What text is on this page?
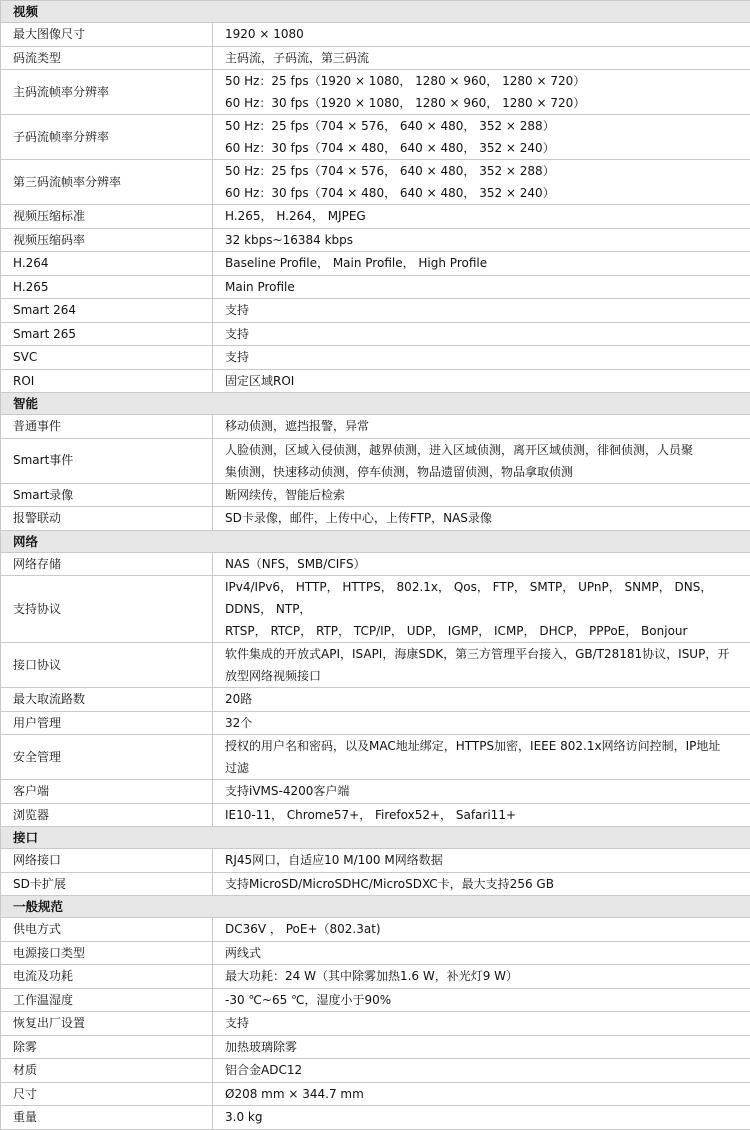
视频	
最大图像尺寸	1920 × 1080

码流类型	主码流，子码流，第三码流

主码流帧率分辨率	50 Hz：25 fps（1920 × 1080， 1280 × 960， 1280 × 720）
60 Hz：30 fps（1920 × 1080， 1280 × 960， 1280 × 720）

子码流帧率分辨率	50 Hz：25 fps（704 × 576， 640 × 480， 352 × 288）
60 Hz：30 fps（704 × 480， 640 × 480， 352 × 240）

第三码流帧率分辨率	50 Hz：25 fps（704 × 576， 640 × 480， 352 × 288）
60 Hz：30 fps（704 × 480， 640 × 480， 352 × 240）

视频压缩标准	H.265， H.264， MJPEG

视频压缩码率	32 kbps~16384 kbps

H.264	Baseline Profile， Main Profile， High Profile

H.265	Main Profile

Smart 264	支持

Smart 265	支持

SVC	支持

ROI	固定区域ROI

智能	
普通事件	移动侦测，遮挡报警，异常

Smart事件	人脸侦测，区域入侵侦测，越界侦测，进入区域侦测，离开区域侦测，徘徊侦测，人员聚
集侦测，快速移动侦测，停车侦测，物品遗留侦测，物品拿取侦测

Smart录像	断网续传，智能后检索

报警联动	SD卡录像，邮件，上传中心，上传FTP，NAS录像

网络	
网络存储	NAS（NFS，SMB/CIFS）

支持协议	IPv4/IPv6， HTTP， HTTPS， 802.1x， Qos， FTP， SMTP， UPnP， SNMP， DNS， DDNS， NTP，
RTSP， RTCP， RTP， TCP/IP， UDP， IGMP， ICMP， DHCP， PPPoE， Bonjour

接口协议	软件集成的开放式API，ISAPI，海康SDK，第三方管理平台接入，GB/T28181协议，ISUP，开
放型网络视频接口

最大取流路数	20路

用户管理	32个

安全管理	授权的用户名和密码，以及MAC地址绑定，HTTPS加密，IEEE 802.1x网络访问控制，IP地址
过滤

客户端	支持iVMS-4200客户端

浏览器	IE10-11， Chrome57+， Firefox52+， Safari11+

接口	
网络接口	RJ45网口，自适应10 M/100 M网络数据

SD卡扩展	支持MicroSD/MicroSDHC/MicroSDXC卡，最大支持256 GB

一般规范	
供电方式	DC36V ， PoE+（802.3at)

电源接口类型	两线式

电流及功耗	最大功耗：24 W（其中除雾加热1.6 W，补光灯9 W）

工作温湿度	-30 ℃~65 ℃，湿度小于90%

恢复出厂设置	支持

除雾	加热玻璃除雾

材质	铝合金ADC12

尺寸	Ø208 mm × 344.7 mm

重量	3.0 kg
